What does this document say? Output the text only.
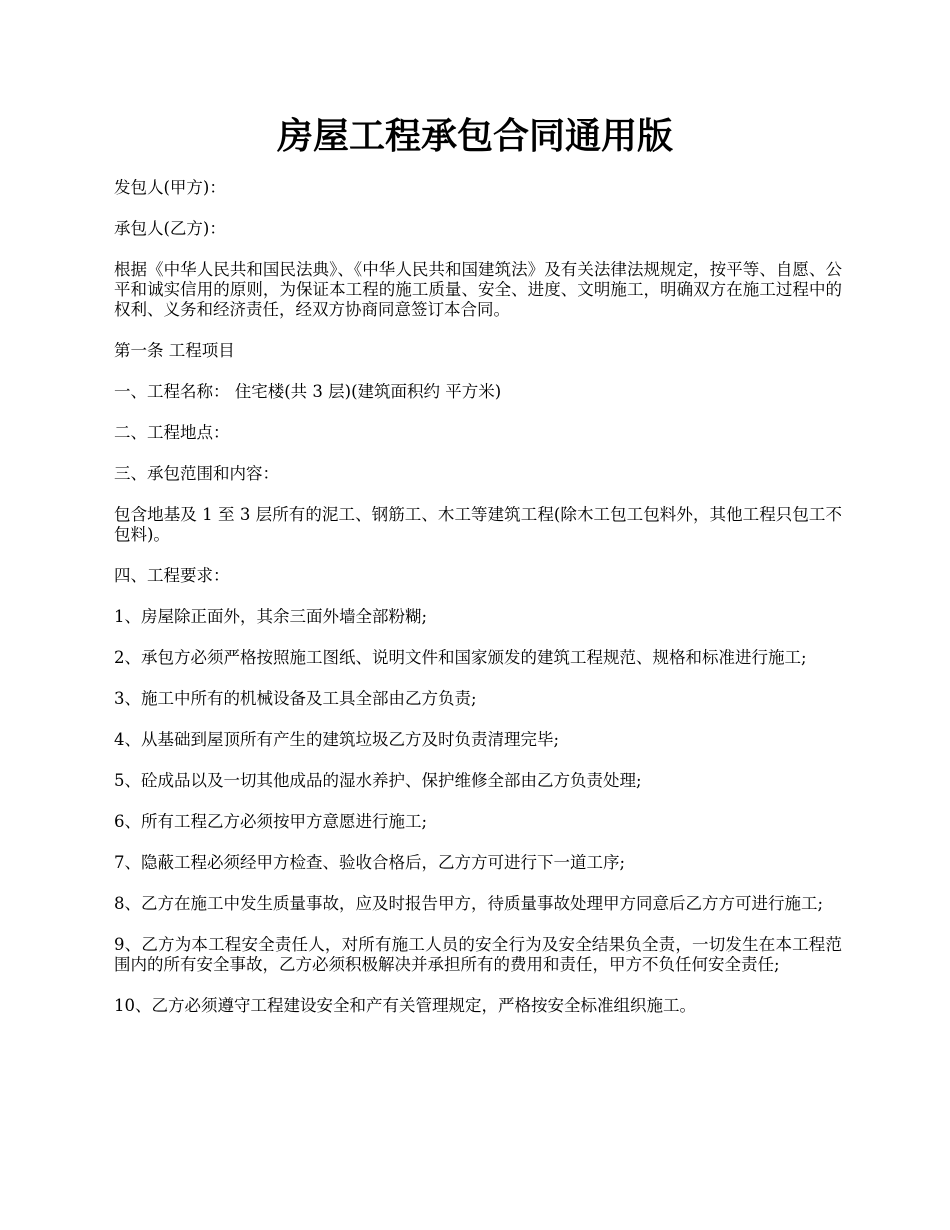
房屋工程承包合同通用版

发包人(甲方)：

承包人(乙方)：

根据《中华人民共和国民法典》、《中华人民共和国建筑法》及有关法律法规规定，按平等、自愿、公平和诚实信用的原则，为保证本工程的施工质量、安全、进度、文明施工，明确双方在施工过程中的权利、义务和经济责任，经双方协商同意签订本合同。

第一条 工程项目

一、工程名称： 住宅楼(共 3 层)(建筑面积约 平方米)

二、工程地点：

三、承包范围和内容：

包含地基及 1 至 3 层所有的泥工、钢筋工、木工等建筑工程(除木工包工包料外，其他工程只包工不包料)。

四、工程要求：

1、房屋除正面外，其余三面外墙全部粉糊;

2、承包方必须严格按照施工图纸、说明文件和国家颁发的建筑工程规范、规格和标准进行施工;

3、施工中所有的机械设备及工具全部由乙方负责;

4、从基础到屋顶所有产生的建筑垃圾乙方及时负责清理完毕;

5、砼成品以及一切其他成品的湿水养护、保护维修全部由乙方负责处理;

6、所有工程乙方必须按甲方意愿进行施工;

7、隐蔽工程必须经甲方检查、验收合格后，乙方方可进行下一道工序;

8、乙方在施工中发生质量事故，应及时报告甲方，待质量事故处理甲方同意后乙方方可进行施工;

9、乙方为本工程安全责任人，对所有施工人员的安全行为及安全结果负全责，一切发生在本工程范围内的所有安全事故，乙方必须积极解决并承担所有的费用和责任，甲方不负任何安全责任;

10、乙方必须遵守工程建设安全和产有关管理规定，严格按安全标准组织施工。
